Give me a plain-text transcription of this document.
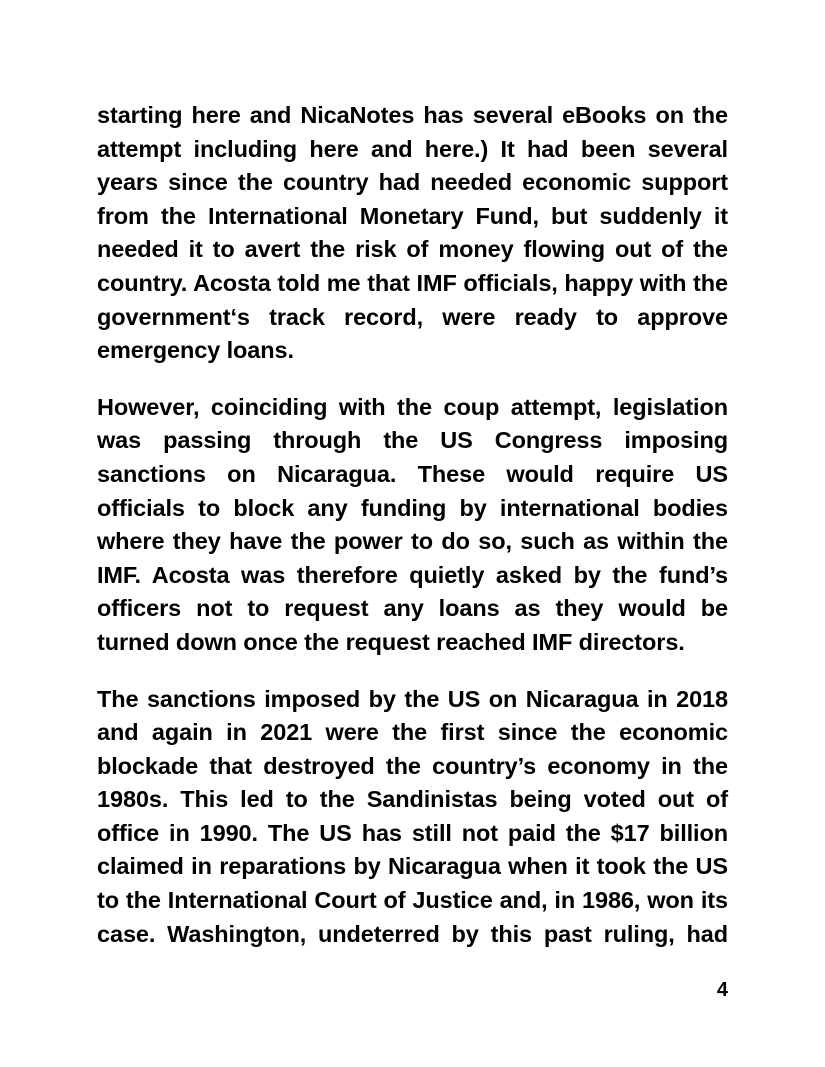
starting here and NicaNotes has several eBooks on the attempt including here and here.) It had been several years since the country had needed economic support from the International Monetary Fund, but suddenly it needed it to avert the risk of money flowing out of the country. Acosta told me that IMF officials, happy with the government‘s track record, were ready to approve emergency loans.

However, coinciding with the coup attempt, legislation was passing through the US Congress imposing sanctions on Nicaragua. These would require US officials to block any funding by international bodies where they have the power to do so, such as within the IMF. Acosta was therefore quietly asked by the fund’s officers not to request any loans as they would be turned down once the request reached IMF directors.

The sanctions imposed by the US on Nicaragua in 2018 and again in 2021 were the first since the economic blockade that destroyed the country’s economy in the 1980s. This led to the Sandinistas being voted out of office in 1990. The US has still not paid the $17 billion claimed in reparations by Nicaragua when it took the US to the International Court of Justice and, in 1986, won its case. Washington, undeterred by this past ruling, had

4
